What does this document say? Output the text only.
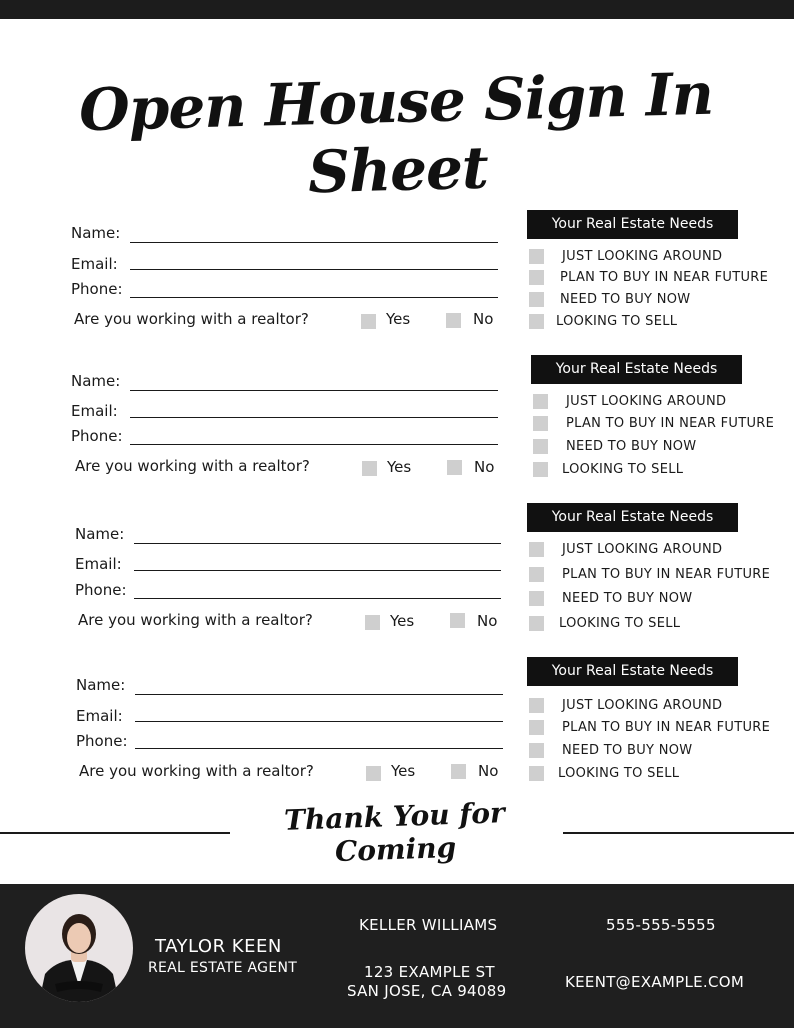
Open House Sign In Sheet
Name:
Email:
Phone:
Are you working with a realtor?	Yes	No
Your Real Estate Needs
JUST LOOKING AROUND
PLAN TO BUY IN NEAR FUTURE
NEED TO BUY NOW
LOOKING TO SELL
Name:
Email:
Phone:
Are you working with a realtor?	Yes	No
Your Real Estate Needs
JUST LOOKING AROUND
PLAN TO BUY IN NEAR FUTURE
NEED TO BUY NOW
LOOKING TO SELL
Name:
Email:
Phone:
Are you working with a realtor?	Yes	No
Your Real Estate Needs
JUST LOOKING AROUND
PLAN TO BUY IN NEAR FUTURE
NEED TO BUY NOW
LOOKING TO SELL
Name:
Email:
Phone:
Are you working with a realtor?	Yes	No
Your Real Estate Needs
JUST LOOKING AROUND
PLAN TO BUY IN NEAR FUTURE
NEED TO BUY NOW
LOOKING TO SELL
Thank You for Coming
TAYLOR KEEN
REAL ESTATE AGENT
KELLER WILLIAMS
123 EXAMPLE ST
SAN JOSE, CA 94089
555-555-5555
KEENT@EXAMPLE.COM
